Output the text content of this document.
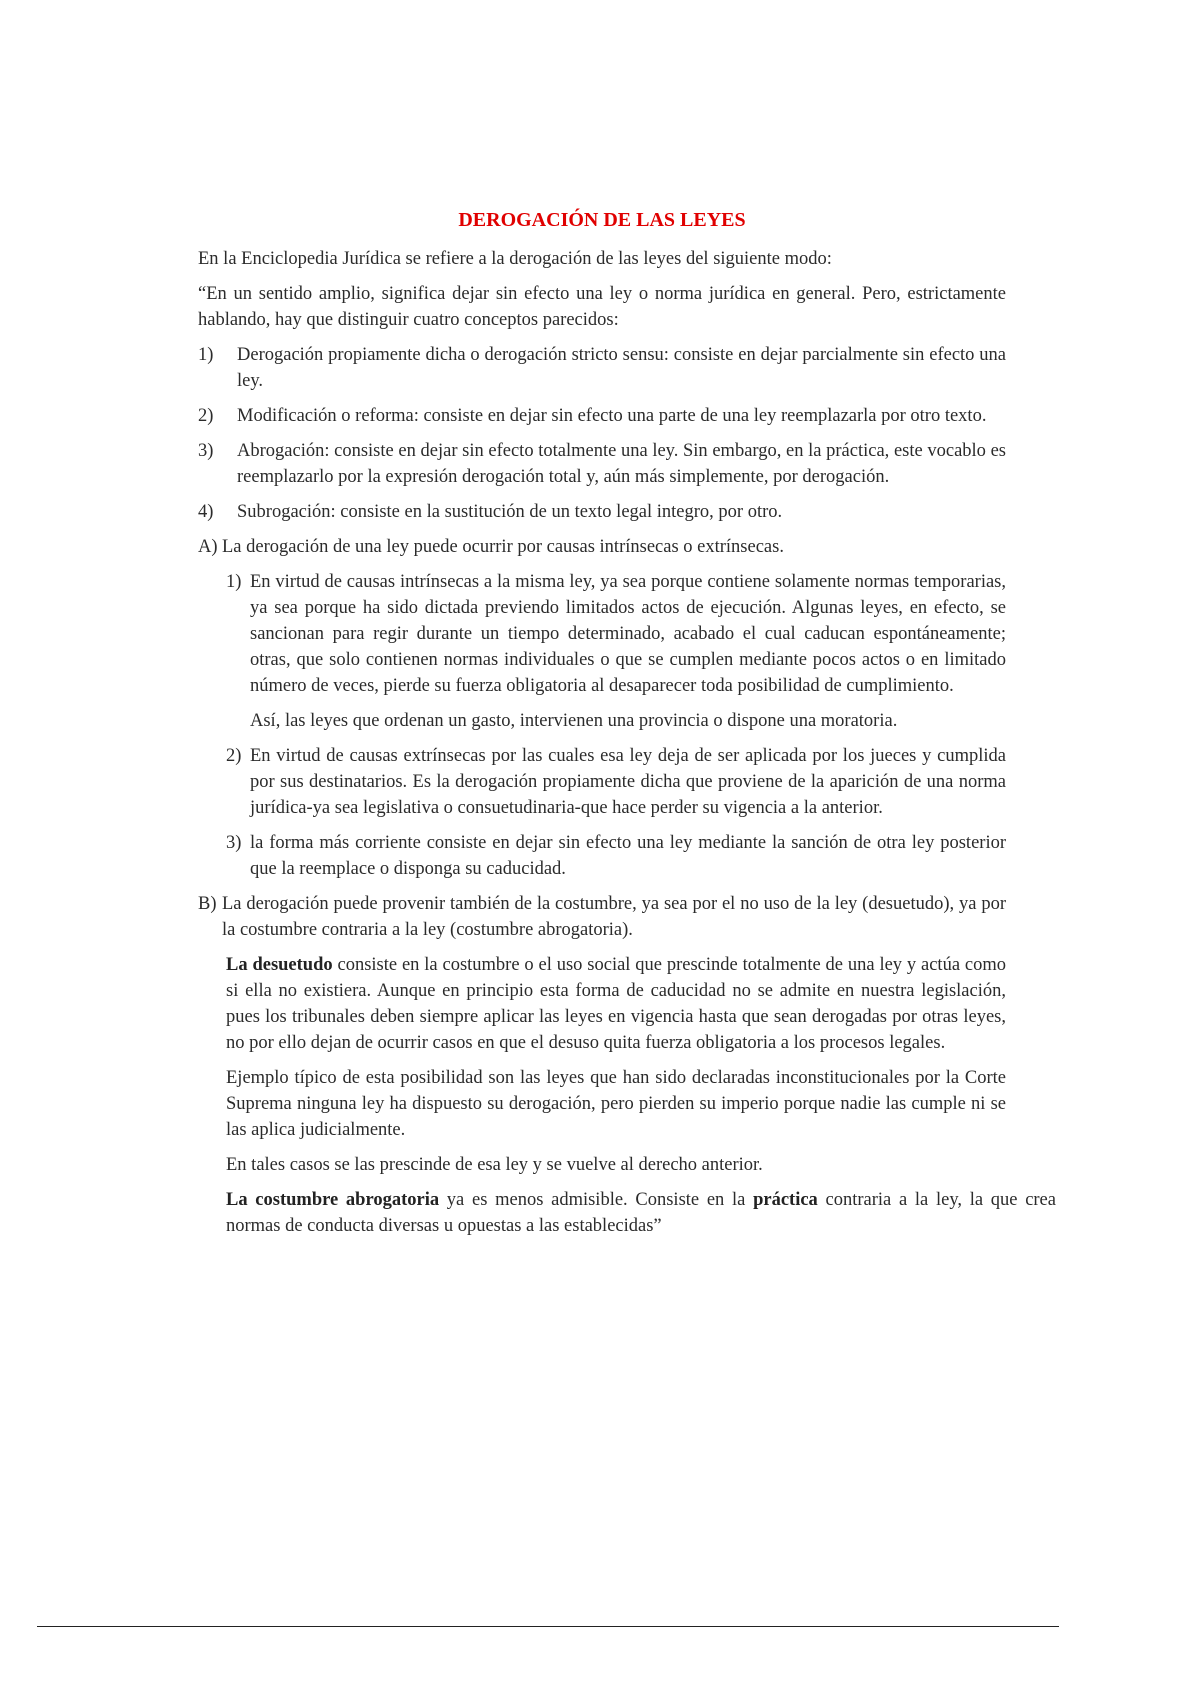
DEROGACIÓN DE LAS LEYES

En la Enciclopedia Jurídica se refiere a la derogación de las leyes del siguiente modo:

“En un sentido amplio, significa dejar sin efecto una ley o norma jurídica en general. Pero, estrictamente hablando, hay que distinguir cuatro conceptos parecidos:

1)	Derogación propiamente dicha o derogación stricto sensu: consiste en dejar parcialmente sin efecto una ley.
2)	Modificación o reforma: consiste en dejar sin efecto una parte de una ley reemplazarla por otro texto.
3)	Abrogación: consiste en dejar sin efecto totalmente una ley. Sin embargo, en la práctica, este vocablo es reemplazarlo por la expresión derogación total y, aún más simplemente, por derogación.
4)	Subrogación: consiste en la sustitución de un texto legal integro, por otro.
A) La derogación de una ley puede ocurrir por causas intrínsecas o extrínsecas.
1) En virtud de causas intrínsecas a la misma ley, ya sea porque contiene solamente normas temporarias, ya sea porque ha sido dictada previendo limitados actos de ejecución. Algunas leyes, en efecto, se sancionan para regir durante un tiempo determinado, acabado el cual caducan espontáneamente; otras, que solo contienen normas individuales o que se cumplen mediante pocos actos o en limitado número de veces, pierde su fuerza obligatoria al desaparecer toda posibilidad de cumplimiento.

Así, las leyes que ordenan un gasto, intervienen una provincia o dispone una moratoria.

2) En virtud de causas extrínsecas por las cuales esa ley deja de ser aplicada por los jueces y cumplida por sus destinatarios. Es la derogación propiamente dicha que proviene de la aparición de una norma jurídica-ya sea legislativa o consuetudinaria-que hace perder su vigencia a la anterior.
3) la forma más corriente consiste en dejar sin efecto una ley mediante la sanción de otra ley posterior que la reemplace o disponga su caducidad.
B) La derogación puede provenir también de la costumbre, ya sea por el no uso de la ley (desuetudo), ya por la costumbre contraria a la ley (costumbre abrogatoria).

La desuetudo consiste en la costumbre o el uso social que prescinde totalmente de una ley y actúa como si ella no existiera. Aunque en principio esta forma de caducidad no se admite en nuestra legislación, pues los tribunales deben siempre aplicar las leyes en vigencia hasta que sean derogadas por otras leyes, no por ello dejan de ocurrir casos en que el desuso quita fuerza obligatoria a los procesos legales.

Ejemplo típico de esta posibilidad son las leyes que han sido declaradas inconstitucionales por la Corte Suprema ninguna ley ha dispuesto su derogación, pero pierden su imperio porque nadie las cumple ni se las aplica judicialmente.

En tales casos se las prescinde de esa ley y se vuelve al derecho anterior.

La costumbre abrogatoria ya es menos admisible. Consiste en la práctica contraria a la ley, la que crea normas de conducta diversas u opuestas a las establecidas”
